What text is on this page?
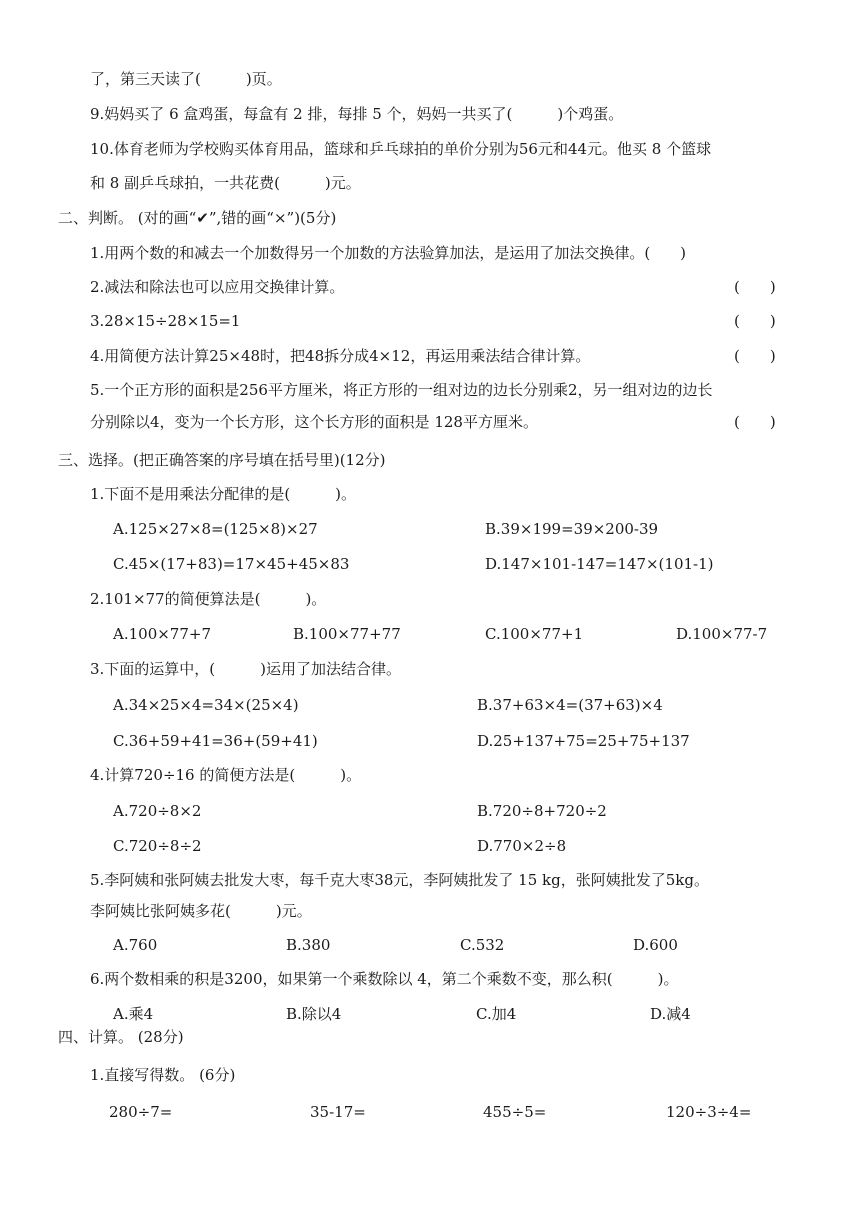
了，第三天读了(　　　)页。
9.妈妈买了 6 盒鸡蛋，每盒有 2 排，每排 5 个，妈妈一共买了(　　　)个鸡蛋。
10.体育老师为学校购买体育用品，篮球和乒乓球拍的单价分别为56元和44元。他买 8 个篮球
和 8 副乒乓球拍，一共花费(　　　)元。
二、判断。 (对的画“✔”,错的画“×”)(5分)
1.用两个数的和减去一个加数得另一个加数的方法验算加法，是运用了加法交换律。(　　)
2.减法和除法也可以应用交换律计算。	(　　)
3.28×15÷28×15=1	(　　)
4.用简便方法计算25×48时，把48拆分成4×12，再运用乘法结合律计算。	(　　)
5.一个正方形的面积是256平方厘米，将正方形的一组对边的边长分别乘2，另一组对边的边长
分别除以4，变为一个长方形，这个长方形的面积是 128平方厘米。	(　　)
三、选择。(把正确答案的序号填在括号里)(12分)
1.下面不是用乘法分配律的是(　　　)。
A.125×27×8=(125×8)×27	B.39×199=39×200-39
C.45×(17+83)=17×45+45×83	D.147×101-147=147×(101-1)
2.101×77的简便算法是(　　　)。
A.100×77+7	B.100×77+77	C.100×77+1	D.100×77-7
3.下面的运算中，(　　　)运用了加法结合律。
A.34×25×4=34×(25×4)	B.37+63×4=(37+63)×4
C.36+59+41=36+(59+41)	D.25+137+75=25+75+137
4.计算720÷16 的简便方法是(　　　)。
A.720÷8×2	B.720÷8+720÷2
C.720÷8÷2	D.770×2÷8
5.李阿姨和张阿姨去批发大枣，每千克大枣38元，李阿姨批发了 15 kg，张阿姨批发了5kg。
李阿姨比张阿姨多花(　　　)元。
A.760	B.380	C.532	D.600
6.两个数相乘的积是3200，如果第一个乘数除以 4，第二个乘数不变，那么积(　　　)。
A.乘4	B.除以4	C.加4	D.减4
四、计算。 (28分)
1.直接写得数。 (6分)
280÷7=	35-17=	455÷5=	120÷3÷4=
